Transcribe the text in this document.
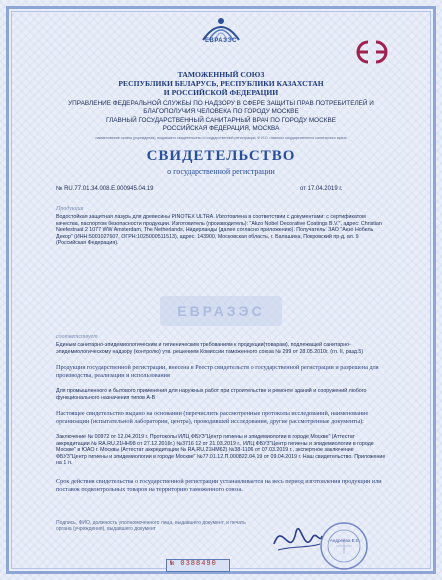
ЕВРАЗЭС
ТАМОЖЕННЫЙ СОЮЗ
РЕСПУБЛИКИ БЕЛАРУСЬ, РЕСПУБЛИКИ КАЗАХСТАН
И РОССИЙСКОЙ ФЕДЕРАЦИИ
УПРАВЛЕНИЕ ФЕДЕРАЛЬНОЙ СЛУЖБЫ ПО НАДЗОРУ В СФЕРЕ ЗАЩИТЫ ПРАВ ПОТРЕБИТЕЛЕЙ И
БЛАГОПОЛУЧИЯ ЧЕЛОВЕКА ПО ГОРОДУ МОСКВЕ
ГЛАВНЫЙ ГОСУДАРСТВЕННЫЙ САНИТАРНЫЙ ВРАЧ ПО ГОРОДУ МОСКВЕ
РОССИЙСКАЯ ФЕДЕРАЦИЯ, МОСКВА
наименование органа (учреждения), выдавшего свидетельство о государственной регистрации, Ф.И.О. главного государственного санитарного врача
СВИДЕТЕЛЬСТВО
о государственной регистрации
№ RU.77.01.34.008.E.000945.04.19	от 17.04.2019 г.
Продукция
Водостойкая защитная лазурь для древесины PINOTEX ULTRA. Изготовлена в соответствии с документами: с сертификатом качества, паспортом безопасности продукции. Изготовитель (производитель): "Akzo Nobel Decorative Coatings B.V.", адрес: Christian Neefestraat 2 1077 WW Amsterdam, The Netherlands, Нидерланды (далее согласно приложению). Получатель: ЗАО "Акзо Нобель Декор" (ИНН:5001027607, ОГРН:1025000511513), адрес: 143900, Московская область, г. Балашиха, Покровский пр-д, вл. 9 (Российская Федерация).
ЕВРАЗЭС
соответствует
Единым санитарно-эпидемиологическим и гигиеническим требованиям к продукции(товарам), подлежащей санитарно-эпидемиологическому надзору (контролю) утв. решением Комиссии таможенного союза № 299 от 28.05.2010г. (гл. II, разд.5)
Продукция государственной регистрации, внесена в Реестр свидетельств о государственной регистрации и разрешена для производства, реализации и использования
Для промышленного и бытового применения для наружных работ при строительстве и ремонте зданий и сооружений любого функционального назначения типов А-В
Настоящее свидетельство выдано на основании (перечислить рассмотренные протоколы исследований, наименование организации (испытательной лаборатории, центра), проводившей исследования, другие рассмотренные документы):
Заключение № 00972 от 12.04.2019 г. Протоколы ИЛЦ ФБУЗ"Центр гигиены и эпидемиологии в городе Москве" (Аттестат аккредитации № RA.RU.21НН98 от 27.12.2016г.) №3716 12 от 21.03.2019 г., ИЛЦ ФБУЗ"Центр гигиены и эпидемиологии в городе Москве" в ЮАО г. Москвы (Аттестат аккредитации № RA.RU.21НМ62) №38-1106 от 07.03.2019 г., экспертное заключение ФБУЗ"Центр гигиены и эпидемиологии в городе Москве" №77.01.12.П.000822.04.19 от 09.04.2019 г. Наш свидетельство. Приложение на 1 л.
Срок действия свидетельства о государственной регистрации устанавливается на весь период изготовления продукции или поставок подконтрольных товаров на территорию таможенного союза.
Подпись, ФИО, должность уполномоченного лица, выдавшего документ, и печать органа (учреждения), выдавшего документ
Андреева Е.Е.
№ 0388490
